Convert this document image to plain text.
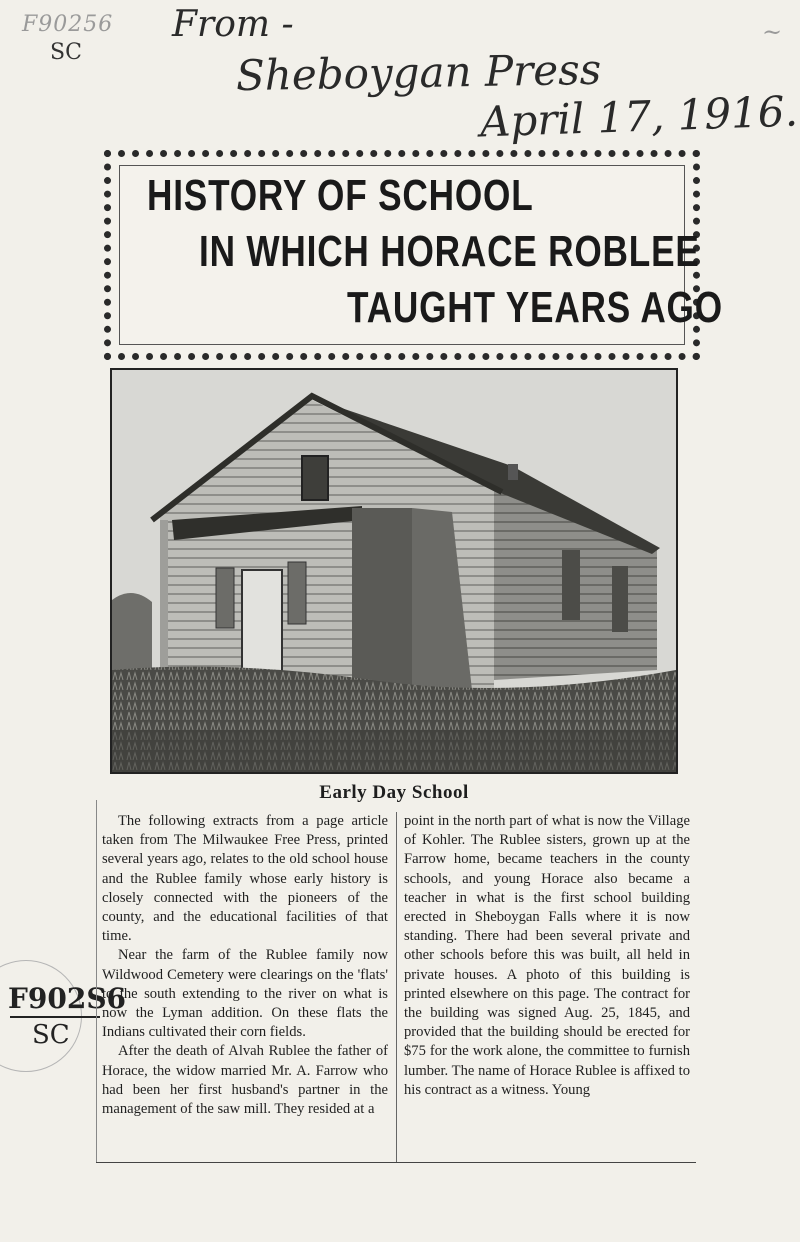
F90256

SC

From -

Sheboygan Press

April 17, 1916.

~

F902S6

SC

HISTORY OF SCHOOL
IN WHICH HORACE ROBLEE
TAUGHT YEARS AGO

Early Day School

The following extracts from a page article taken from The Milwaukee Free Press, printed several years ago, relates to the old school house and the Rublee family whose early history is closely connected with the pioneers of the county, and the educational facilities of that time.

Near the farm of the Rublee family now Wildwood Cemetery were clearings on the 'flats' to the south extending to the river on what is now the Lyman addition. On these flats the Indians cultivated their corn fields.

After the death of Alvah Rublee the father of Horace, the widow married Mr. A. Farrow who had been her first husband's partner in the management of the saw mill. They resided at a

point in the north part of what is now the Village of Kohler. The Rublee sisters, grown up at the Farrow home, became teachers in the county schools, and young Horace also became a teacher in what is the first school building erected in Sheboygan Falls where it is now standing. There had been several private and other schools before this was built, all held in private houses. A photo of this building is printed elsewhere on this page. The contract for the building was signed Aug. 25, 1845, and provided that the building should be erected for $75 for the work alone, the committee to furnish lumber. The name of Horace Rublee is affixed to his contract as a witness. Young
